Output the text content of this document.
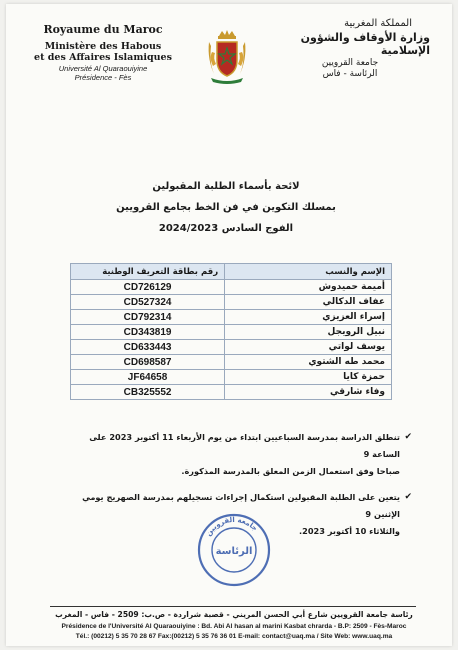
Royaume du Maroc
Ministère des Habous
et des Affaires Islamiques
Université Al Quaraouiyine
Présidence - Fès
المملكة المغربية
وزارة الأوقاف والشؤون الإسلامية
جامعة القرويين
الرئاسة - فاس
لائحة بأسماء الطلبة المقبولين
بمسلك التكوين في فن الخط بجامع القرويين
الفوج السادس 2024/2023
الإسم والنسب	رقم بطاقة التعريف الوطنية
أميمة حميدوش	CD726129
عفاف الدكالي	CD527324
إسراء العزيزي	CD792314
نبيل الرويجل	CD343819
يوسف لواتي	CD633443
محمد طه الشتوي	CD698587
حمزة كايا	JF64658
وفاء شارقي	CB325552
✔
تنطلق الدراسة بمدرسة السباعيين ابتداء من يوم الأربعاء 11 أكتوبر 2023 على الساعة 9
صباحا وفق استعمال الزمن المعلق بالمدرسة المذكورة.
✔
يتعين على الطلبة المقبولين استكمال إجراءات تسجيلهم بمدرسة الصهريج يومي الإثنين 9
والثلاثاء 10 أكتوبر 2023.
جامعة القرويين
الرئاسة
رئاسة جامعة القرويين شارع أبي الحسن المريني - قصبة شراردة - ص.ب: 2509 - فاس - المغرب
Présidence de l'Université Al Quaraouiyine : Bd. Abi Al hasan al marini Kasbat chrarda - B.P: 2509 - Fès-Maroc
Tél.: (00212) 5 35 70 28 67 Fax:(00212) 5 35 76 36 01 E-mail: contact@uaq.ma / Site Web: www.uaq.ma
